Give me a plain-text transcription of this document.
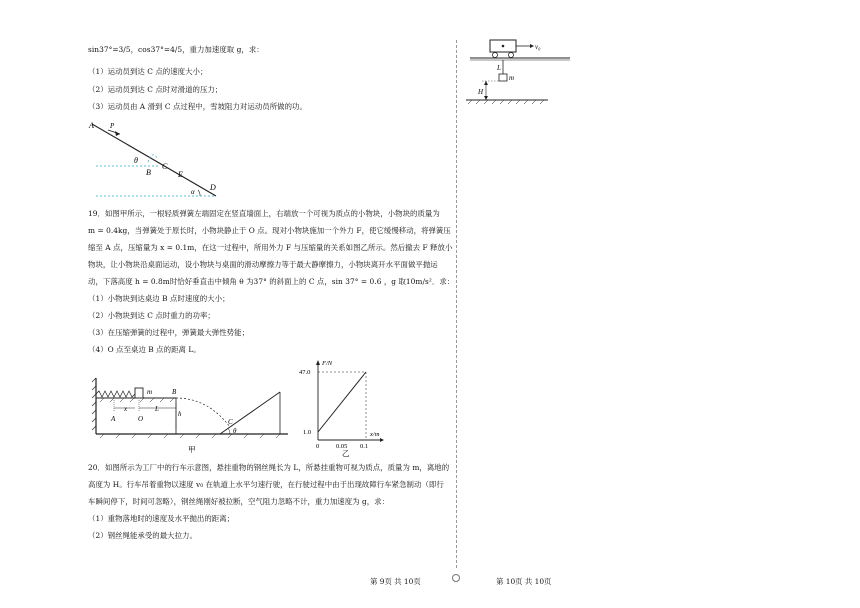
sin37°=3/5，cos37°=4/5，重力加速度取 g，求：
（1）运动员到达 C 点的速度大小；
（2）运动员到达 C 点时对滑道的压力；
（3）运动员由 A 滑到 C 点过程中，雪坡阻力对运动员所做的功。
A P
θ
B
C
E
D
α
19．如图甲所示，一根轻质弹簧左端固定在竖直墙面上，右端放一个可视为质点的小物块，小物块的质量为
m = 0.4kg，当弹簧处于原长时，小物块静止于 O 点。现对小物块施加一个外力 F，使它缓慢移动，将弹簧压
缩至 A 点，压缩量为 x = 0.1m，在这一过程中，所用外力 F 与压缩量的关系如图乙所示。然后撤去 F 释放小
物块，让小物块沿桌面运动，设小物块与桌面的滑动摩擦力等于最大静摩擦力，小物块离开水平面做平抛运
动，下落高度 h = 0.8m时恰好垂直击中倾角 θ 为37° 的斜面上的 C 点，sin 37° = 0.6 ，g 取10m/s²．求：
（1）小物块到达桌边 B 点时速度的大小；
（2）小物块到达 C 点时重力的功率；
（3）在压缩弹簧的过程中，弹簧最大弹性势能；
（4）O 点至桌边 B 点的距离 L。
m	B
x	L
h
A	O	C
θ
甲
F/N
x/m
47.0
1.0
0	0.05 0.1
乙
20．如图所示为工厂中的行车示意图，悬挂重物的钢丝绳长为 L，所悬挂重物可视为质点，质量为 m，离地的
高度为 H。行车吊着重物以速度 v₀ 在轨道上水平匀速行驶，在行驶过程中由于出现故障行车紧急制动（即行
车瞬间停下，时间可忽略），钢丝绳刚好被拉断，空气阻力忽略不计，重力加速度为 g，求：
（1）重物落地时的速度及水平抛出的距离；
（2）钢丝绳能承受的最大拉力。
v₀
L
m
H
第 9页 共 10页	第 10页 共 10页
